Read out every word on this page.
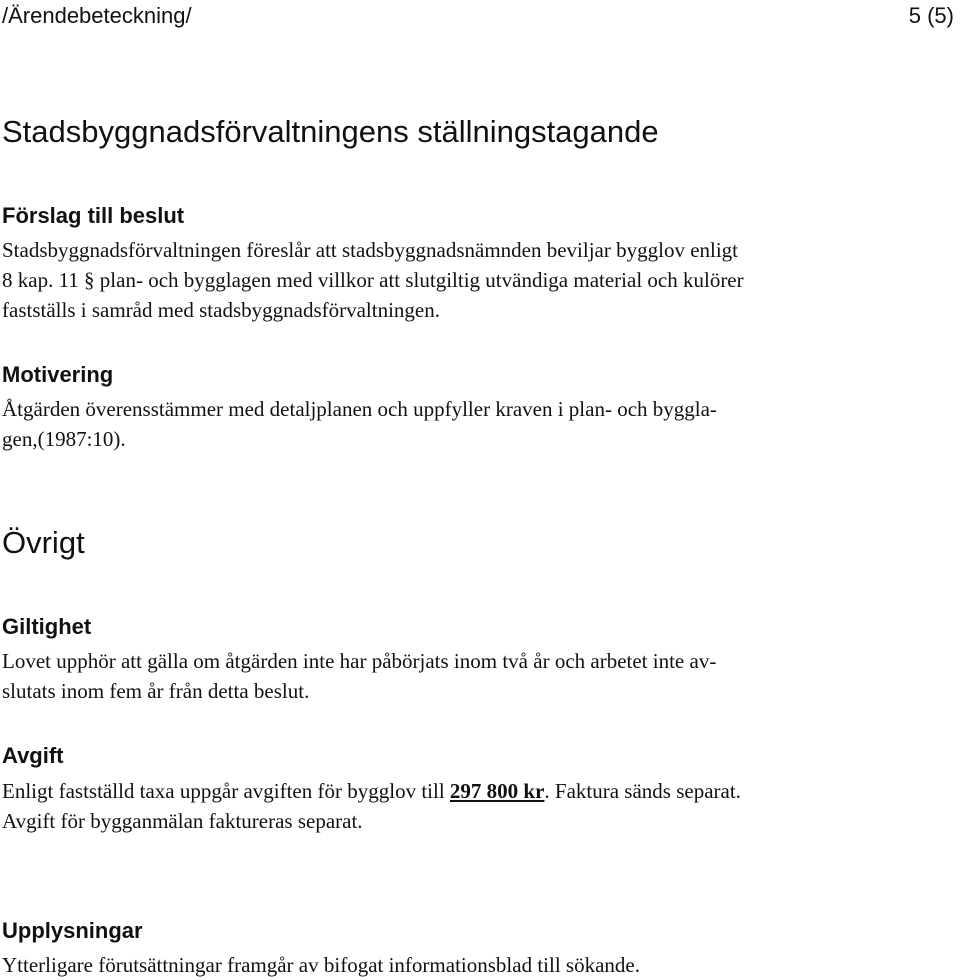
/Ärendebeteckning/	5 (5)
Stadsbyggnadsförvaltningens ställningstagande
Förslag till beslut
Stadsbyggnadsförvaltningen föreslår att stadsbyggnadsnämnden beviljar bygglov enligt
8 kap. 11 § plan- och bygglagen med villkor att slutgiltig utvändiga material och kulörer
fastställs i samråd med stadsbyggnadsförvaltningen.
Motivering
Åtgärden överensstämmer med detaljplanen och uppfyller kraven i plan- och byggla-
gen,(1987:10).
Övrigt
Giltighet
Lovet upphör att gälla om åtgärden inte har påbörjats inom två år och arbetet inte av-
slutats inom fem år från detta beslut.
Avgift
Enligt fastställd taxa uppgår avgiften för bygglov till 297 800 kr. Faktura sänds separat.
Avgift för bygganmälan faktureras separat.
Upplysningar
Ytterligare förutsättningar framgår av bifogat informationsblad till sökande.
